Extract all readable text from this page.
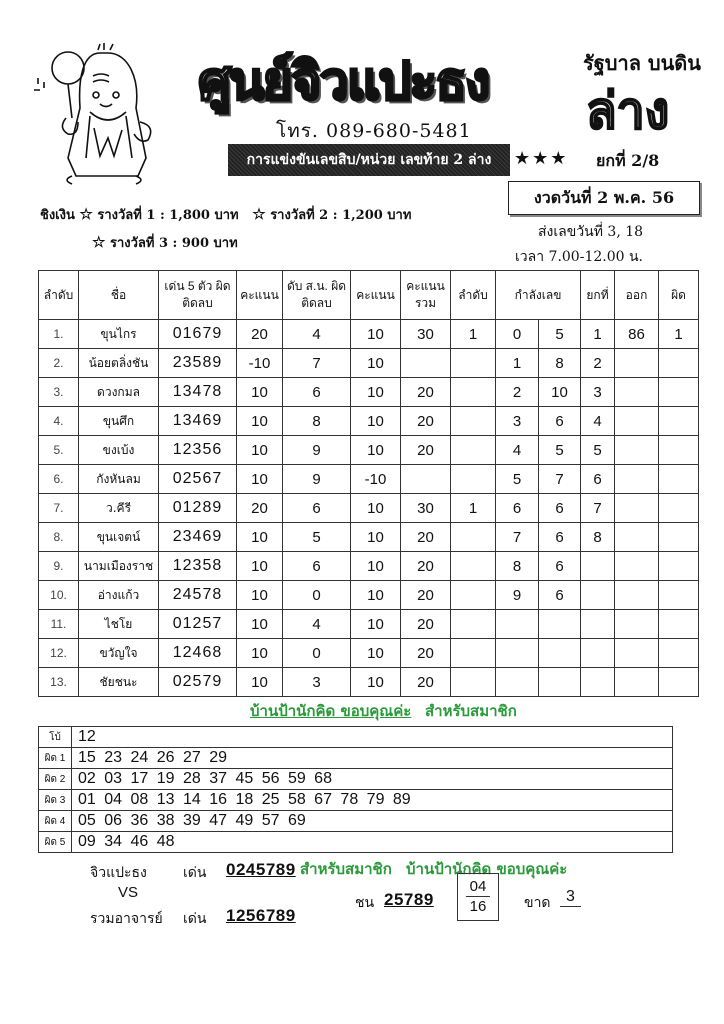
ศูนย์จิวแปะธง
โทร. 089-680-5481
การแข่งขันเลขสิบ/หน่วย เลขท้าย 2 ล่าง	★★★ ยกที่ 2/8
รัฐบาล บนดิน
ล่าง
งวดวันที่ 2 พ.ค. 56
ส่งเลขวันที่ 3, 18
เวลา 7.00-12.00 น.
ชิงเงิน ☆ รางวัลที่ 1 : 1,800 บาท ☆ รางวัลที่ 2 : 1,200 บาท
☆ รางวัลที่ 3 : 900 บาท
ลำดับ	ชื่อ	เด่น 5 ตัว ผิดติดลบ	คะแนน	ดับ ส.น. ผิดติดลบ	คะแนน	คะแนน รวม	ลำดับ	กำลังเลข		ยกที่	ออก	ผิด
1.	ขุนไกร	01679	20	4	10	30	1	0	5	1	86	1
2.	น้อยตลิ่งชัน	23589	-10	7	10			1	8	2		
3.	ดวงกมล	13478	10	6	10	20		2	10	3		
4.	ขุนศึก	13469	10	8	10	20		3	6	4		
5.	ขงเบ้ง	12356	10	9	10	20		4	5	5		
6.	กังหันลม	02567	10	9	-10			5	7	6		
7.	ว.คีรี	01289	20	6	10	30	1	6	6	7		
8.	ขุนเจตน์	23469	10	5	10	20		7	6	8		
9.	นามเมืองราช	12358	10	6	10	20		8	6			
10.	อ่างแก้ว	24578	10	0	10	20		9	6			
11.	ไชโย	01257	10	4	10	20						
12.	ขวัญใจ	12468	10	0	10	20						
13.	ชัยชนะ	02579	10	3	10	20						
บ้านป้านักคิด ขอบคุณค่ะ สำหรับสมาชิก
โบ้	12
ผิด 1	15 23 24 26 27 29
ผิด 2	02 03 17 19 28 37 45 56 59 68
ผิด 3	01 04 08 13 14 16 18 25 58 67 78 79 89
ผิด 4	05 06 36 38 39 47 49 57 69
ผิด 5	09 34 46 48
สำหรับสมาชิก บ้านป้านักคิด ขอบคุณค่ะ
จิวแปะธง	เด่น 0245789
VS
รวมอาจารย์ เด่น 1256789
ชน 25789
04
16	ขาด 3
